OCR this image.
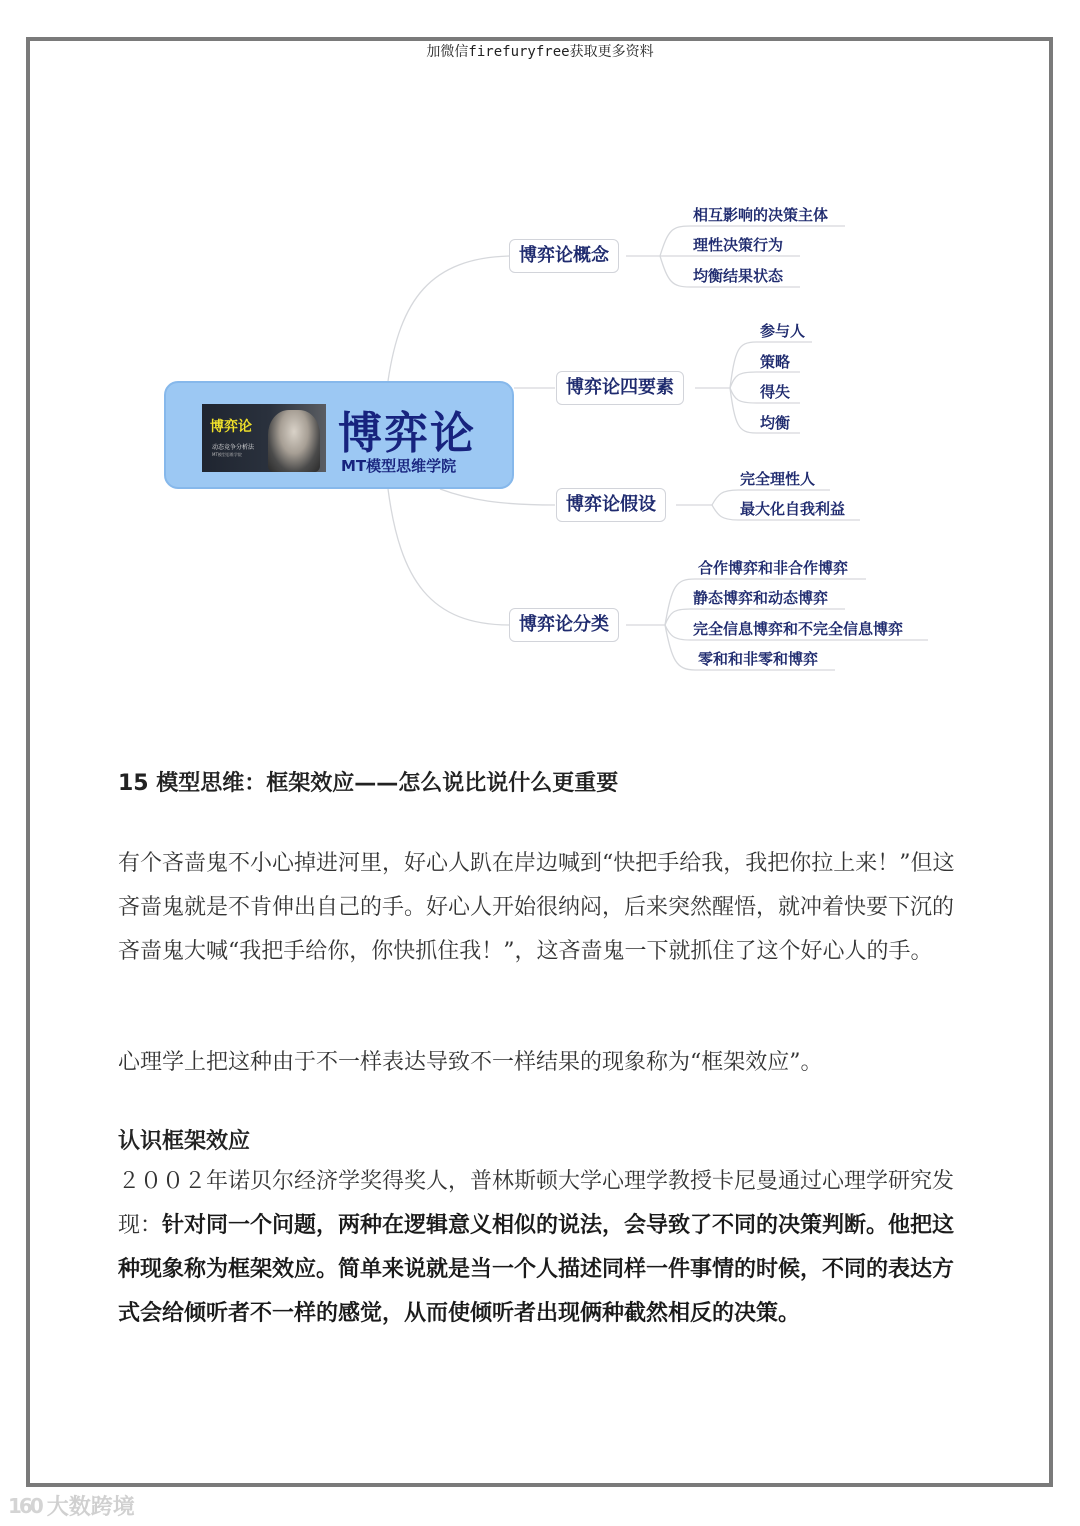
加微信firefuryfree获取更多资料
博弈论
动态竞争分析法
MT模型思维学院 博弈论
MT模型思维学院
博弈论概念
相互影响的决策主体
理性决策行为
均衡结果状态
博弈论四要素
参与人
策略
得失
均衡
博弈论假设
完全理性人
最大化自我利益
博弈论分类
合作博弈和非合作博弈
静态博弈和动态博弈
完全信息博弈和不完全信息博弈
零和和非零和博弈
15 模型思维：框架效应——怎么说比说什么更重要

有个吝啬鬼不小心掉进河里，好心人趴在岸边喊到“快把手给我，我把你拉上来！”但这吝啬鬼就是不肯伸出自己的手。好心人开始很纳闷，后来突然醒悟，就冲着快要下沉的吝啬鬼大喊“我把手给你，你快抓住我！”，这吝啬鬼一下就抓住了这个好心人的手。

心理学上把这种由于不一样表达导致不一样结果的现象称为“框架效应”。

认识框架效应

２００２年诺贝尔经济学奖得奖人，普林斯顿大学心理学教授卡尼曼通过心理学研究发现：针对同一个问题，两种在逻辑意义相似的说法，会导致了不同的决策判断。他把这种现象称为框架效应。简单来说就是当一个人描述同样一件事情的时候，不同的表达方式会给倾听者不一样的感觉，从而使倾听者出现俩种截然相反的决策。

160 大数跨境
